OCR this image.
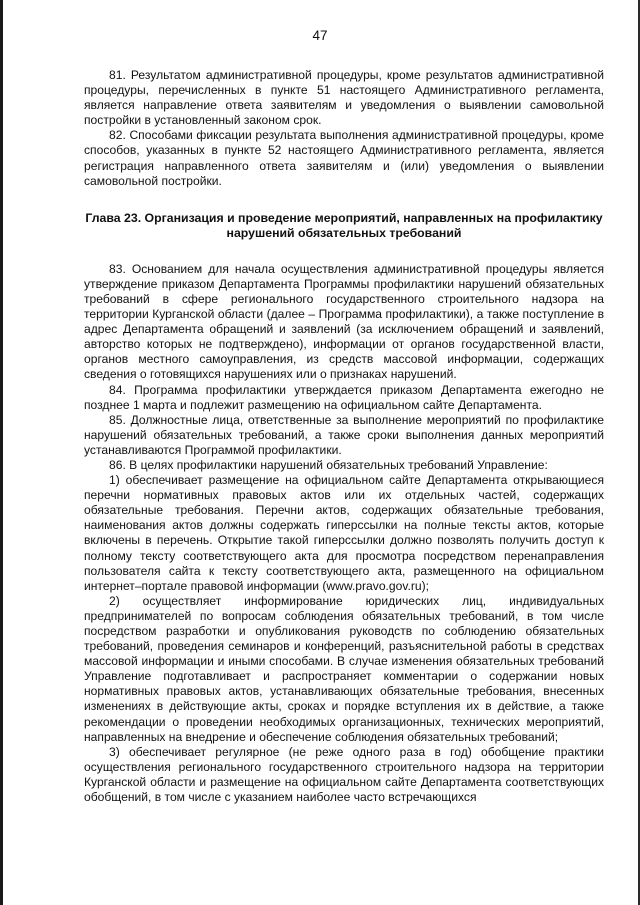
47

81. Результатом административной процедуры, кроме результатов административной процедуры, перечисленных в пункте 51 настоящего Административного регламента, является направление ответа заявителям и уведомления о выявлении самовольной постройки в установленный законом срок.

82. Способами фиксации результата выполнения административной процедуры, кроме способов, указанных в пункте 52 настоящего Административного регламента, является регистрация направленного ответа заявителям и (или) уведомления о выявлении самовольной постройки.

Глава 23. Организация и проведение мероприятий, направленных на профилактику нарушений обязательных требований

83. Основанием для начала осуществления административной процедуры является утверждение приказом Департамента Программы профилактики нарушений обязательных требований в сфере регионального государственного строительного надзора на территории Курганской области (далее – Программа профилактики), а также поступление в адрес Департамента обращений и заявлений (за исключением обращений и заявлений, авторство которых не подтверждено), информации от органов государственной власти, органов местного самоуправления, из средств массовой информации, содержащих сведения о готовящихся нарушениях или о признаках нарушений.

84. Программа профилактики утверждается приказом Департамента ежегодно не позднее 1 марта и подлежит размещению на официальном сайте Департамента.

85. Должностные лица, ответственные за выполнение мероприятий по профилактике нарушений обязательных требований, а также сроки выполнения данных мероприятий устанавливаются Программой профилактики.

86. В целях профилактики нарушений обязательных требований Управление:

1) обеспечивает размещение на официальном сайте Департамента открывающиеся перечни нормативных правовых актов или их отдельных частей, содержащих обязательные требования. Перечни актов, содержащих обязательные требования, наименования актов должны содержать гиперссылки на полные тексты актов, которые включены в перечень. Открытие такой гиперссылки должно позволять получить доступ к полному тексту соответствующего акта для просмотра посредством перенаправления пользователя сайта к тексту соответствующего акта, размещенного на официальном интернет–портале правовой информации (www.pravo.gov.ru);

2) осуществляет информирование юридических лиц, индивидуальных предпринимателей по вопросам соблюдения обязательных требований, в том числе посредством разработки и опубликования руководств по соблюдению обязательных требований, проведения семинаров и конференций, разъяснительной работы в средствах массовой информации и иными способами. В случае изменения обязательных требований Управление подготавливает и распространяет комментарии о содержании новых нормативных правовых актов, устанавливающих обязательные требования, внесенных изменениях в действующие акты, сроках и порядке вступления их в действие, а также рекомендации о проведении необходимых организационных, технических мероприятий, направленных на внедрение и обеспечение соблюдения обязательных требований;

3) обеспечивает регулярное (не реже одного раза в год) обобщение практики осуществления регионального государственного строительного надзора на территории Курганской области и размещение на официальном сайте Департамента соответствующих обобщений, в том числе с указанием наиболее часто встречающихся
